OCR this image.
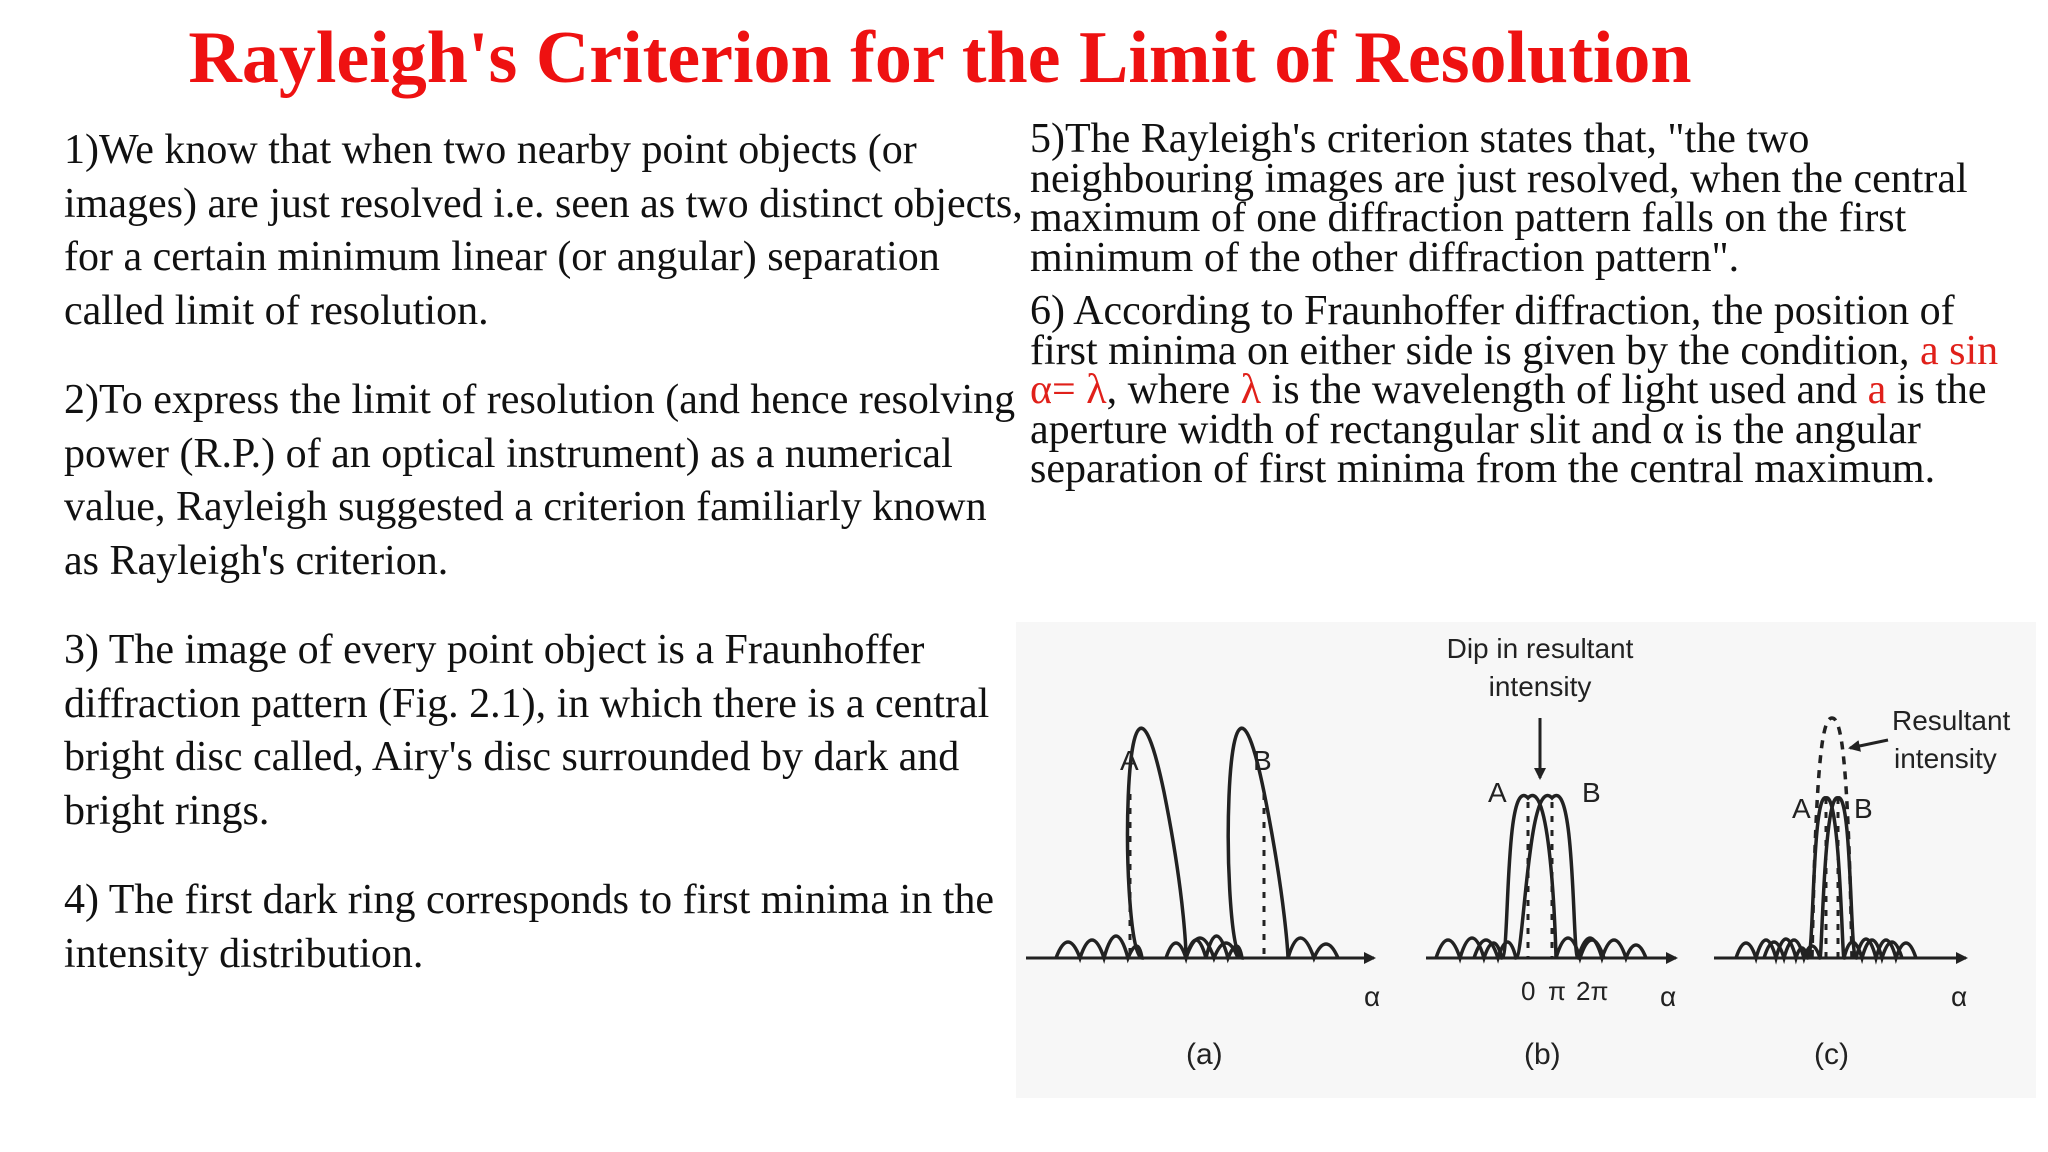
Rayleigh's Criterion for the Limit of Resolution

1)We know that when two nearby point objects (or images) are just resolved i.e. seen as two distinct objects, for a certain minimum linear (or angular) separation called limit of resolution.

2)To express the limit of resolution (and hence resolving power (R.P.) of an optical instrument) as a numerical value, Rayleigh suggested a criterion familiarly known as Rayleigh's criterion.

3) The image of every point object is a Fraunhoffer diffraction pattern (Fig. 2.1), in which there is a central bright disc called, Airy's disc surrounded by dark and bright rings.

4) The first dark ring corresponds to first minima in the intensity distribution.

5)The Rayleigh's criterion states that, "the two neighbouring images are just resolved, when the central maximum of one diffraction pattern falls on the first minimum of the other diffraction pattern".

6) According to Fraunhoffer diffraction, the position of first minima on either side is given by the condition, a sin α= λ, where λ is the wavelength of light used and a is the aperture width of rectangular slit and α is the angular separation of first minima from the central maximum.

A	B
α
(a)
Dip in resultant
intensity
A	B
0 π 2π α
(b)
Resultant
intensity
A B
α
(c)
